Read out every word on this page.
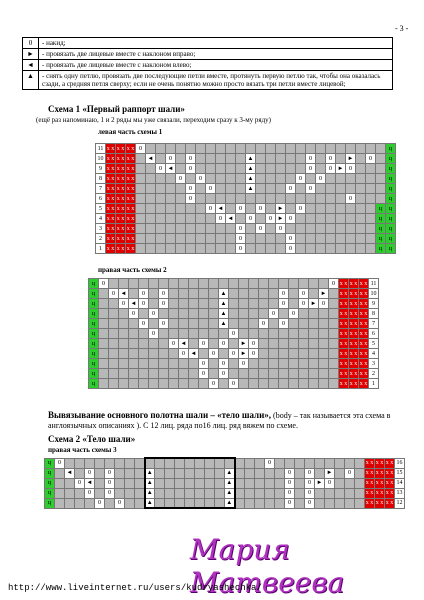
- 3 -
0	- накид;
►	- провязать две лицевые вместе с наклоном вправо;
◄	- провязать две лицевые вместе с наклоном влево;
▲	- снять одну петлю, провязать две последующие петли вместе, протянуть первую петлю так, чтобы она оказалась сзади, а средняя петля сверху; если не очень понятно можно просто вязать три петли вместе лицевой;
Схема 1 «Первый раппорт шали»
(ещё раз напоминаю, 1 и 2 ряды мы уже связали, переходим сразу к 3-му ряду)
левая часть схемы 1
11	х х	х х	х х	0																									ц
10	х х	х х	х х		◄		0		0						▲						0		0		►		0		ц
9	х х	х х	х х			0	◄		0						▲						0		0	►	0				ц
8	х х	х х	х х					0		0					▲					0		0							ц
7	х х	х х	х х						0		0				▲				0		0								ц
6	х х	х х	х х						0																0				ц
5	х х	х х	х х								0	◄		0		0		►		0								ц	ц
4	х х	х х	х х									0	◄		0		0	►	0									ц	ц
3	х х	х х	х х											0		0		0										ц	ц
2	х х	х х	х х											0					0									ц	ц
1	х х	х х	х х											0					0									ц	ц
правая часть схемы 2
ц	0																							0	х х	х х	х х	11
ц		0	◄		0		0						▲						0		0		►		х х	х х	х х	10
ц			0	◄	0		0						▲						0		0	►	0		х х	х х	х х	9
ц				0		0							▲					0		0					х х	х х	х х	8
ц					0		0						▲				0		0						х х	х х	х х	7
ц						0								0											х х	х х	х х	6
ц								0	◄		0		0		►	0									х х	х х	х х	5
ц									0	◄		0		0	►	0									х х	х х	х х	4
ц											0		0		0										х х	х х	х х	3
ц											0		0												х х	х х	х х	2
ц												0		0											х х	х х	х х	1
Вывязывание основного полотна шали – «тело шали», (body – так называется эта схема в англоязычных описаниях ). С 12 лиц. ряда по16 лиц. ряд вяжем по схеме.
Схема 2 «Тело шали»
правая часть схемы 3
ц	0																					0										х х	х х	х х	16
ц		◄		0		0				▲								▲						0		0		►		0		х х	х х	х х	15
ц			0	◄		0				▲								▲						0		0	►	0				х х	х х	х х	14
ц				0		0				▲								▲						0		0						х х	х х	х х	13
ц					0		0			▲								▲						0		0						х х	х х	х х	12
Мария Матвеева
http://www.liveinternet.ru/users/kudryashechka/
